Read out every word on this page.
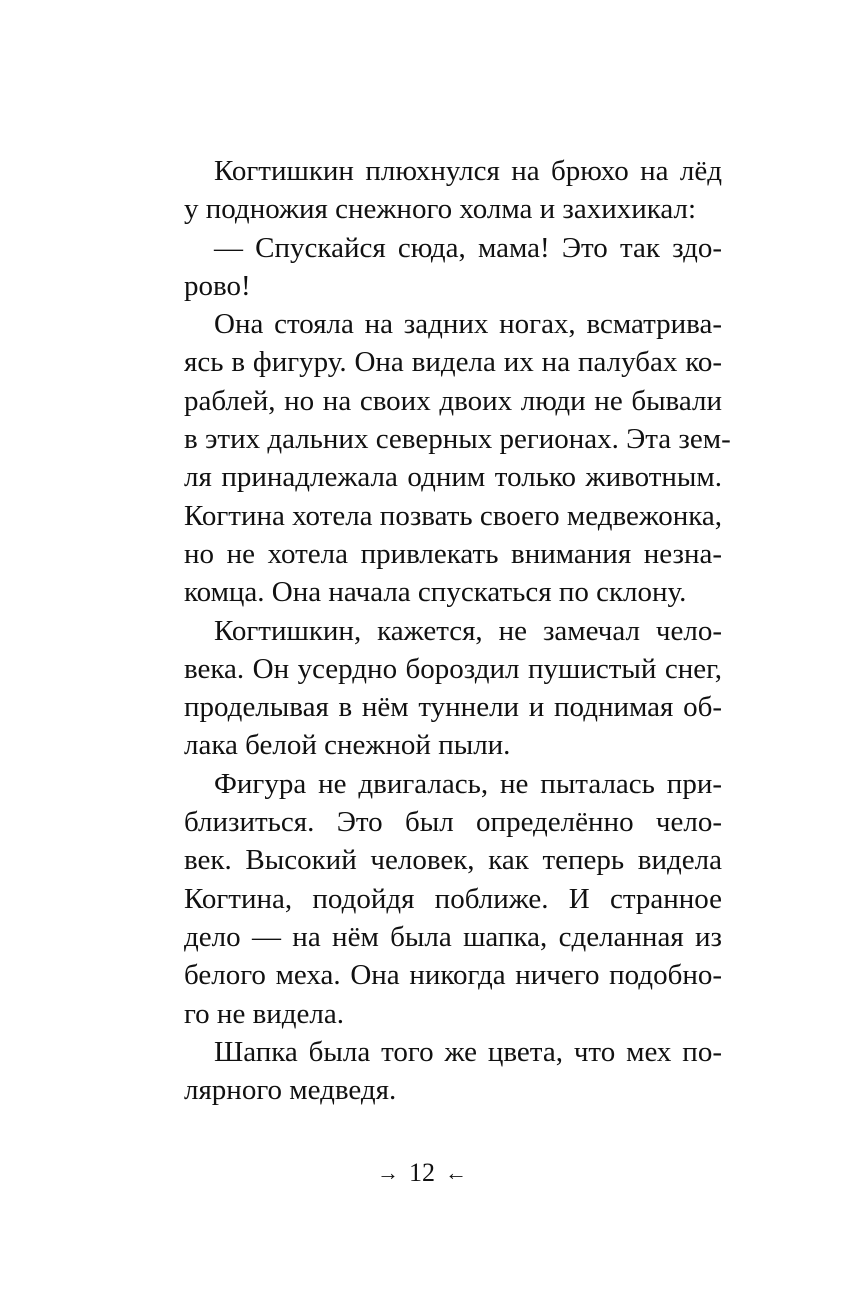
Когтишкин плюхнулся на брюхо на лёд
у подножия снежного холма и захихикал:
— Спускайся сюда, мама! Это так здо-
рово!
Она стояла на задних ногах, всматрива-
ясь в фигуру. Она видела их на палубах ко-
раблей, но на своих двоих люди не бывали
в этих дальних северных регионах. Эта зем-
ля принадлежала одним только животным.
Когтина хотела позвать своего медвежонка,
но не хотела привлекать внимания незна-
комца. Она начала спускаться по склону.
Когтишкин, кажется, не замечал чело-
века. Он усердно бороздил пушистый снег,
проделывая в нём туннели и поднимая об-
лака белой снежной пыли.
Фигура не двигалась, не пыталась при-
близиться. Это был определённо чело-
век. Высокий человек, как теперь видела
Когтина, подойдя поближе. И странное
дело — на нём была шапка, сделанная из
белого меха. Она никогда ничего подобно-
го не видела.
Шапка была того же цвета, что мех по-
лярного медведя.
→ 12 ←
